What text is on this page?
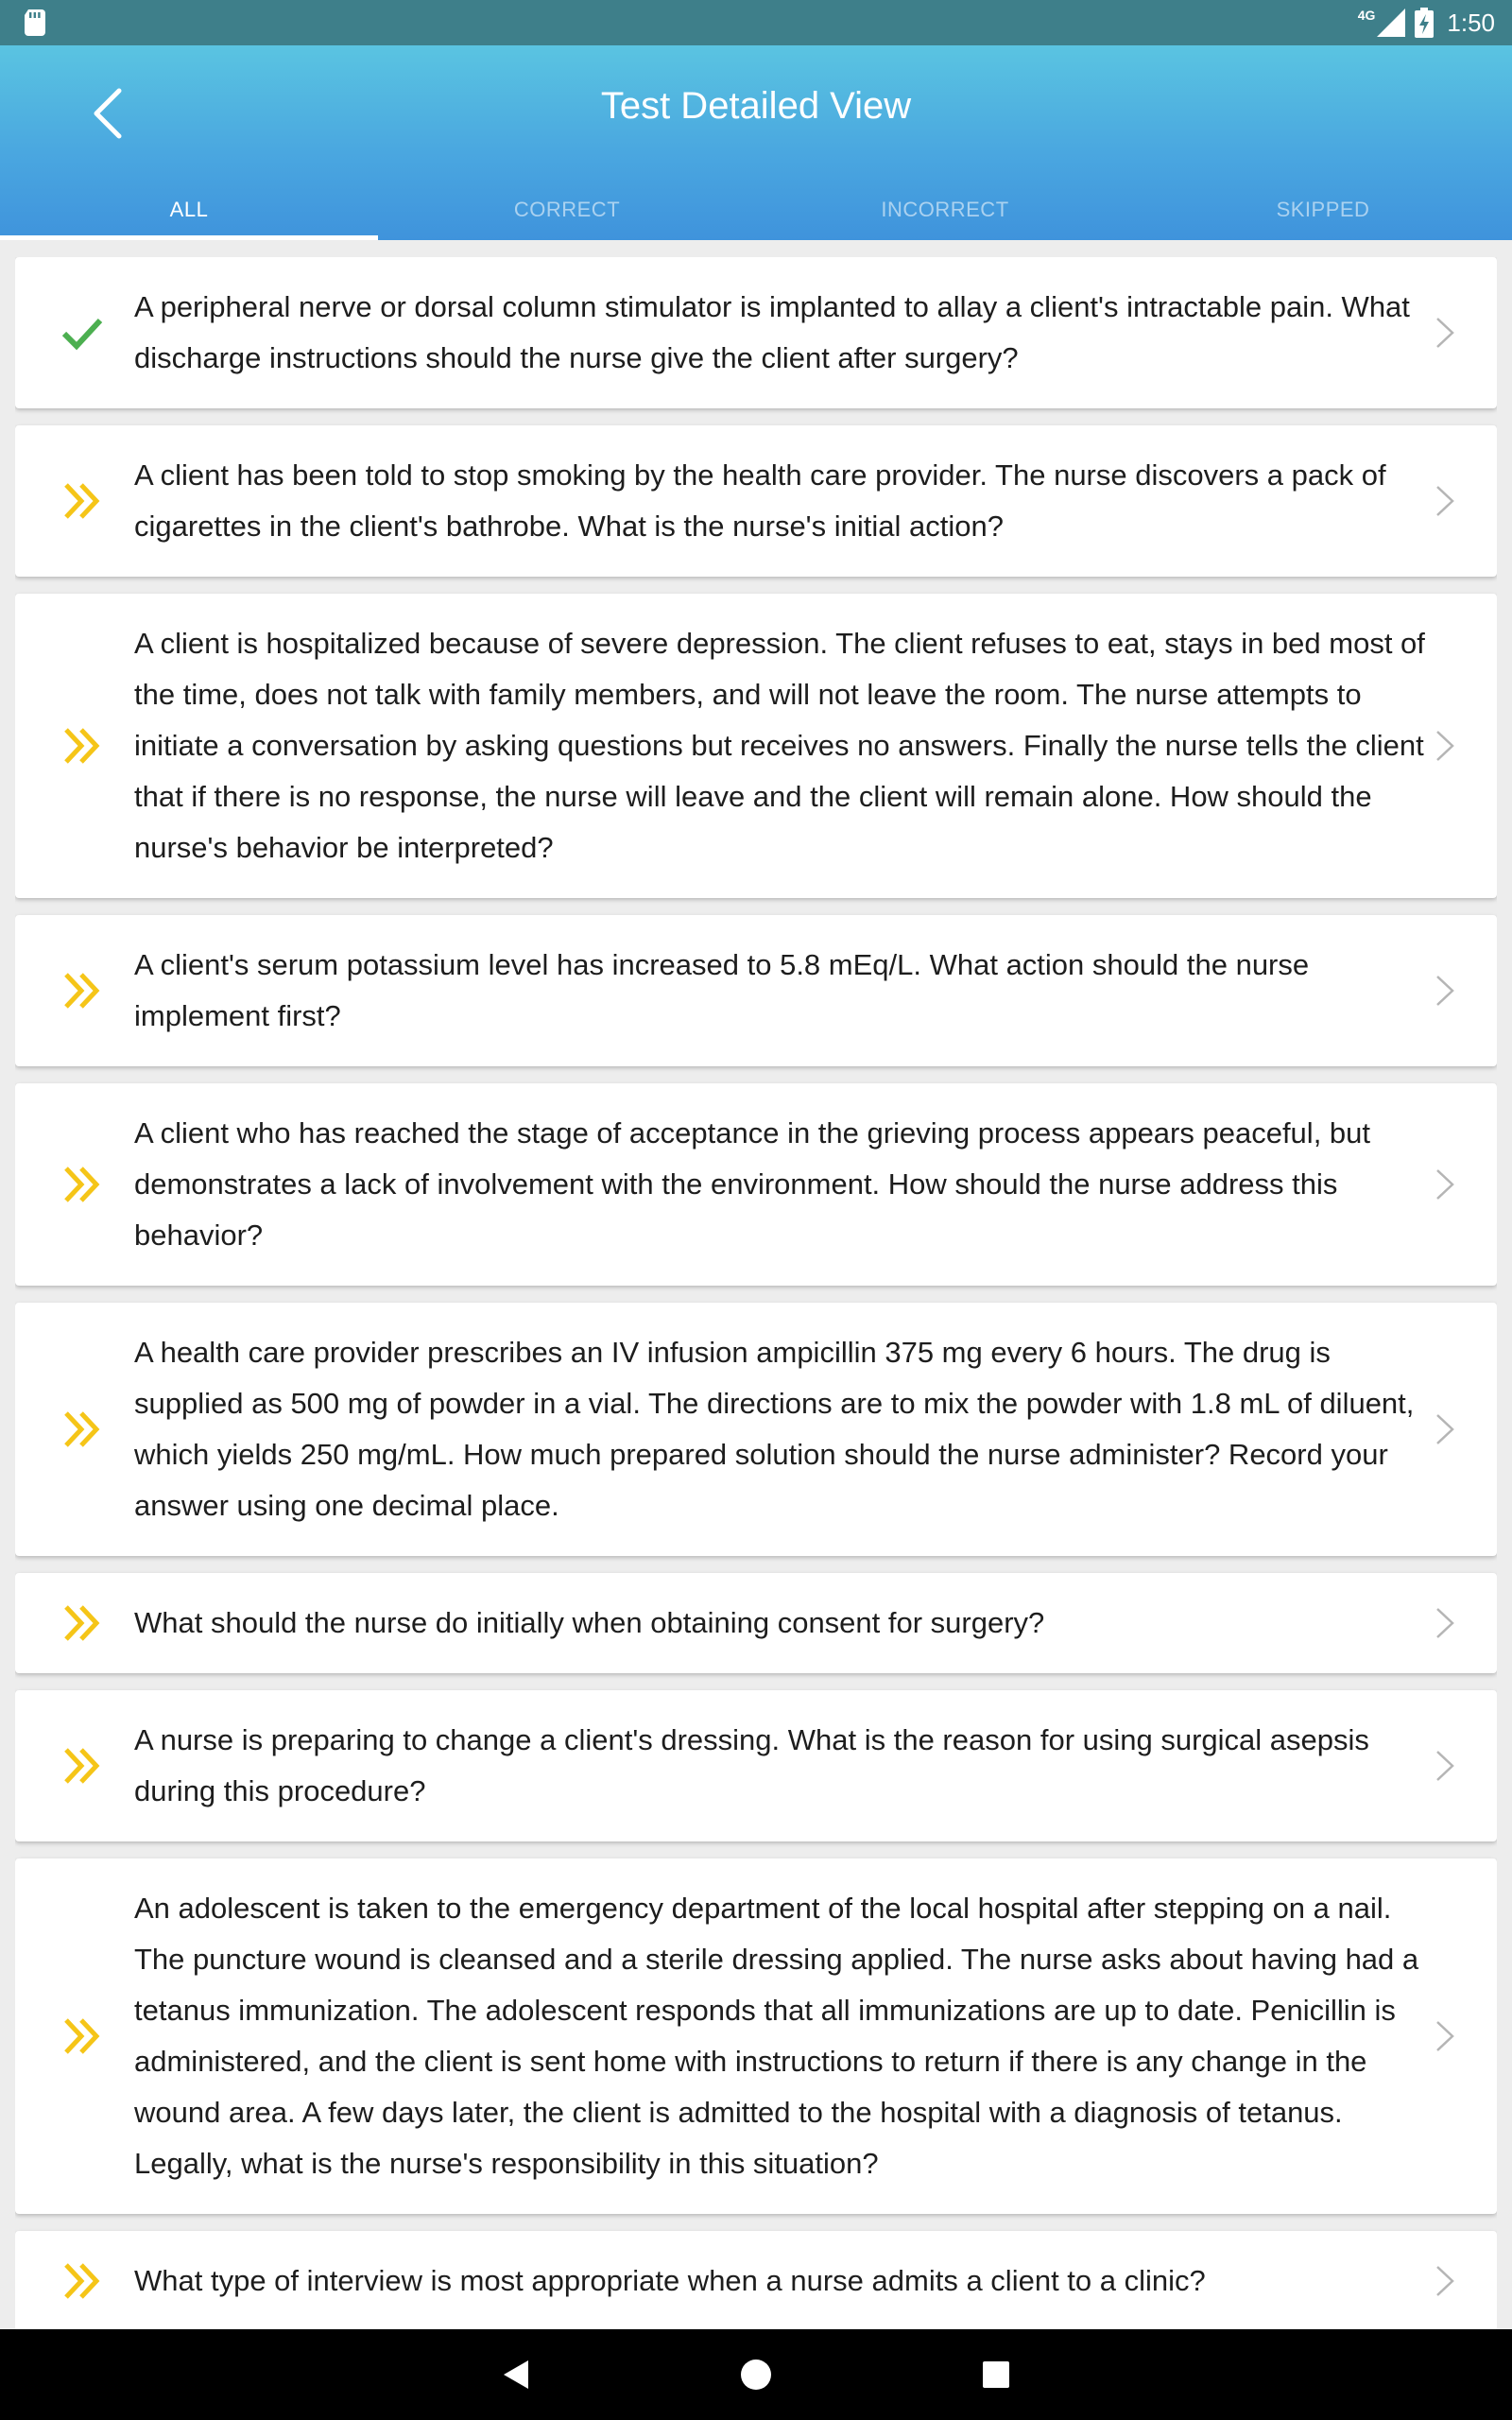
4G	1:50
Test Detailed View
ALL	CORRECT	INCORRECT	SKIPPED
A peripheral nerve or dorsal column stimulator is implanted to allay a client's intractable pain. What discharge instructions should the nurse give the client after surgery?
A client has been told to stop smoking by the health care provider. The nurse discovers a pack of cigarettes in the client's bathrobe. What is the nurse's initial action?
A client is hospitalized because of severe depression. The client refuses to eat, stays in bed most of the time, does not talk with family members, and will not leave the room. The nurse attempts to initiate a conversation by asking questions but receives no answers. Finally the nurse tells the client that if there is no response, the nurse will leave and the client will remain alone. How should the nurse's behavior be interpreted?
A client's serum potassium level has increased to 5.8 mEq/L. What action should the nurse implement first?
A client who has reached the stage of acceptance in the grieving process appears peaceful, but demonstrates a lack of involvement with the environment. How should the nurse address this behavior?
A health care provider prescribes an IV infusion ampicillin 375 mg every 6 hours. The drug is supplied as 500 mg of powder in a vial. The directions are to mix the powder with 1.8 mL of diluent, which yields 250 mg/mL. How much prepared solution should the nurse administer? Record your answer using one decimal place.
What should the nurse do initially when obtaining consent for surgery?
A nurse is preparing to change a client's dressing. What is the reason for using surgical asepsis during this procedure?
An adolescent is taken to the emergency department of the local hospital after stepping on a nail. The puncture wound is cleansed and a sterile dressing applied. The nurse asks about having had a tetanus immunization. The adolescent responds that all immunizations are up to date. Penicillin is administered, and the client is sent home with instructions to return if there is any change in the wound area. A few days later, the client is admitted to the hospital with a diagnosis of tetanus. Legally, what is the nurse's responsibility in this situation?
What type of interview is most appropriate when a nurse admits a client to a clinic?
